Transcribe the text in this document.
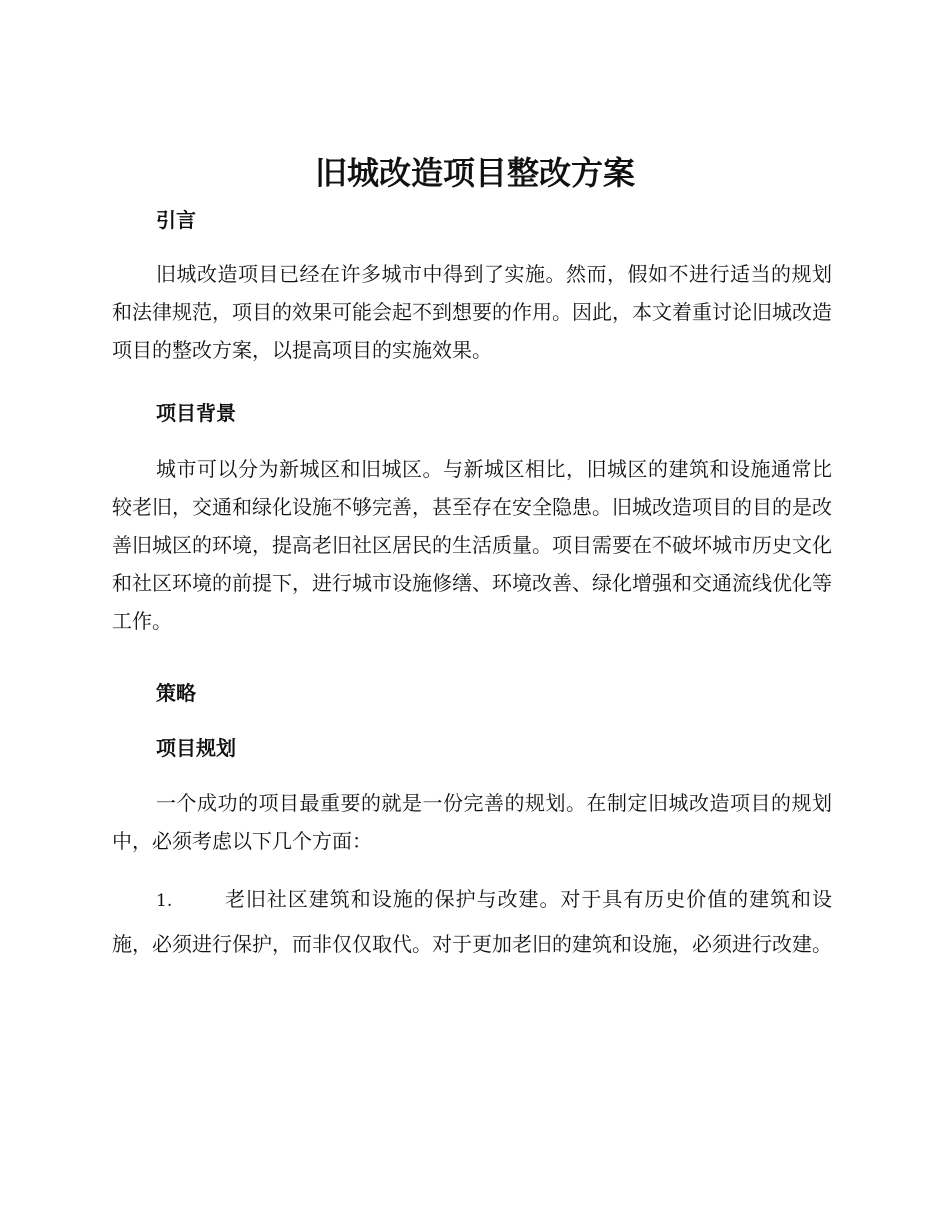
旧城改造项目整改方案
引言

旧城改造项目已经在许多城市中得到了实施。然而，假如不进行适当的规划和法律规范，项目的效果可能会起不到想要的作用。因此，本文着重讨论旧城改造项目的整改方案，以提高项目的实施效果。

项目背景

城市可以分为新城区和旧城区。与新城区相比，旧城区的建筑和设施通常比较老旧，交通和绿化设施不够完善，甚至存在安全隐患。旧城改造项目的目的是改善旧城区的环境，提高老旧社区居民的生活质量。项目需要在不破坏城市历史文化和社区环境的前提下，进行城市设施修缮、环境改善、绿化增强和交通流线优化等工作。

策略
项目规划

一个成功的项目最重要的就是一份完善的规划。在制定旧城改造项目的规划中，必须考虑以下几个方面：

1.	老旧社区建筑和设施的保护与改建。对于具有历史价值的建筑和设施，必须进行保护，而非仅仅取代。对于更加老旧的建筑和设施，必须进行改建。
